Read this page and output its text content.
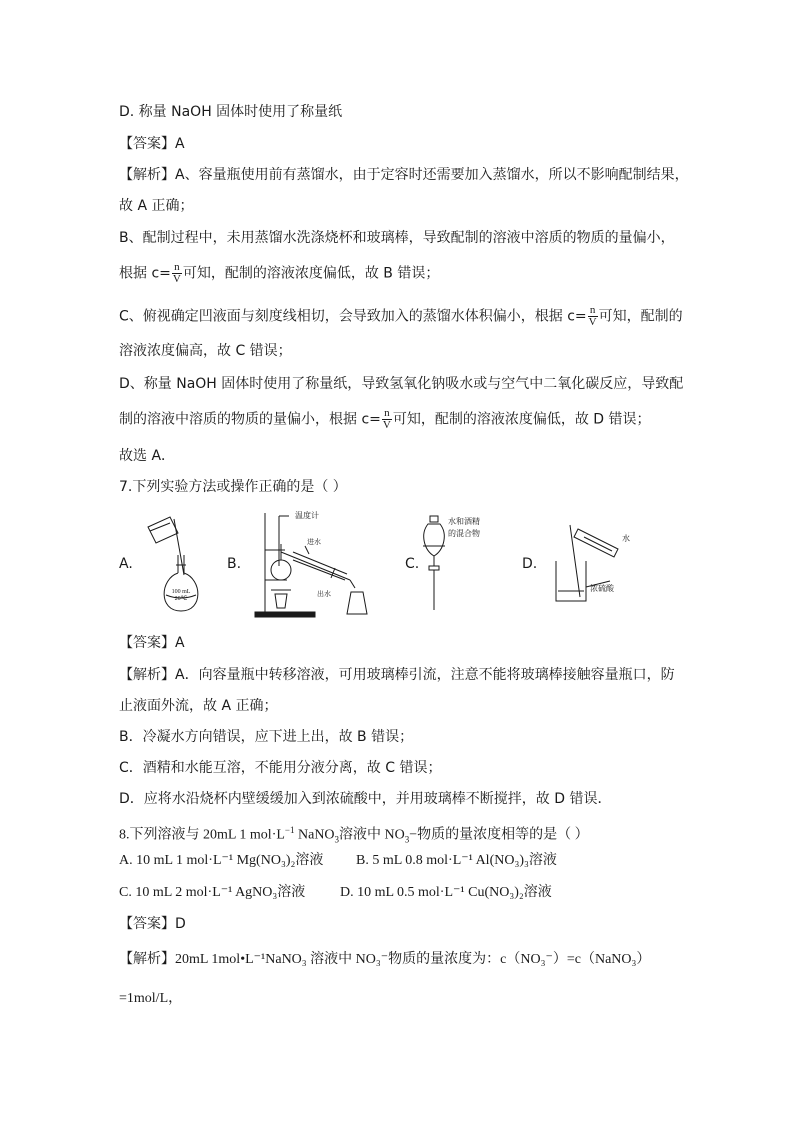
D. 称量 NaOH 固体时使用了称量纸
【答案】A
【解析】A、容量瓶使用前有蒸馏水，由于定容时还需要加入蒸馏水，所以不影响配制结果，
故 A 正确；
B、配制过程中，未用蒸馏水洗涤烧杯和玻璃棒，导致配制的溶液中溶质的物质的量偏小，
根据 $c= \frac{n}{V}$ 可知，配制的溶液浓度偏低，故 B 错误；
C、俯视确定凹液面与刻度线相切，会导致加入的蒸馏水体积偏小，根据 $c= \frac{n}{V}$ 可知，配制的
溶液浓度偏高，故 C 错误；
D、称量 NaOH 固体时使用了称量纸，导致氢氧化钠吸水或与空气中二氧化碳反应，导致配
制的溶液中溶质的物质的量偏小，根据 $c= \frac{n}{V}$ 可知，配制的溶液浓度偏低，故 D 错误；
故选 A．
7.下列实验方法或操作正确的是（ ）
A.	B.	C.	D.
100 mL
20℃
温度计
进水
出水
水和酒精
的混合物
水
浓硫酸
【答案】A
【解析】A．向容量瓶中转移溶液，可用玻璃棒引流，注意不能将玻璃棒接触容量瓶口，防
止液面外流，故 A 正确；
B．冷凝水方向错误，应下进上出，故 B 错误；
C．酒精和水能互溶，不能用分液分离，故 C 错误；
D．应将水沿烧杯内壁缓缓加入到浓硫酸中，并用玻璃棒不断搅拌，故 D 错误．
8.下列溶液与 20mL 1 $mol\cdot L^{-1}$ NaNO$_3$溶液中 $NO_3-$物质的量浓度相等的是（ ）
A. 10 mL 1 mol·L⁻¹ Mg(NO₃)₂溶液 B. 5 mL 0.8 mol·L⁻¹ Al(NO₃)₃溶液
C. 10 mL 2 mol·L⁻¹ AgNO₃溶液 D. 10 mL 0.5 mol·L⁻¹ Cu(NO₃)₂溶液
【答案】D
【解析】20mL 1mol•L⁻¹NaNO₃ 溶液中 NO₃⁻物质的量浓度为：c（NO₃⁻）=c（NaNO₃）
=1mol/L，
